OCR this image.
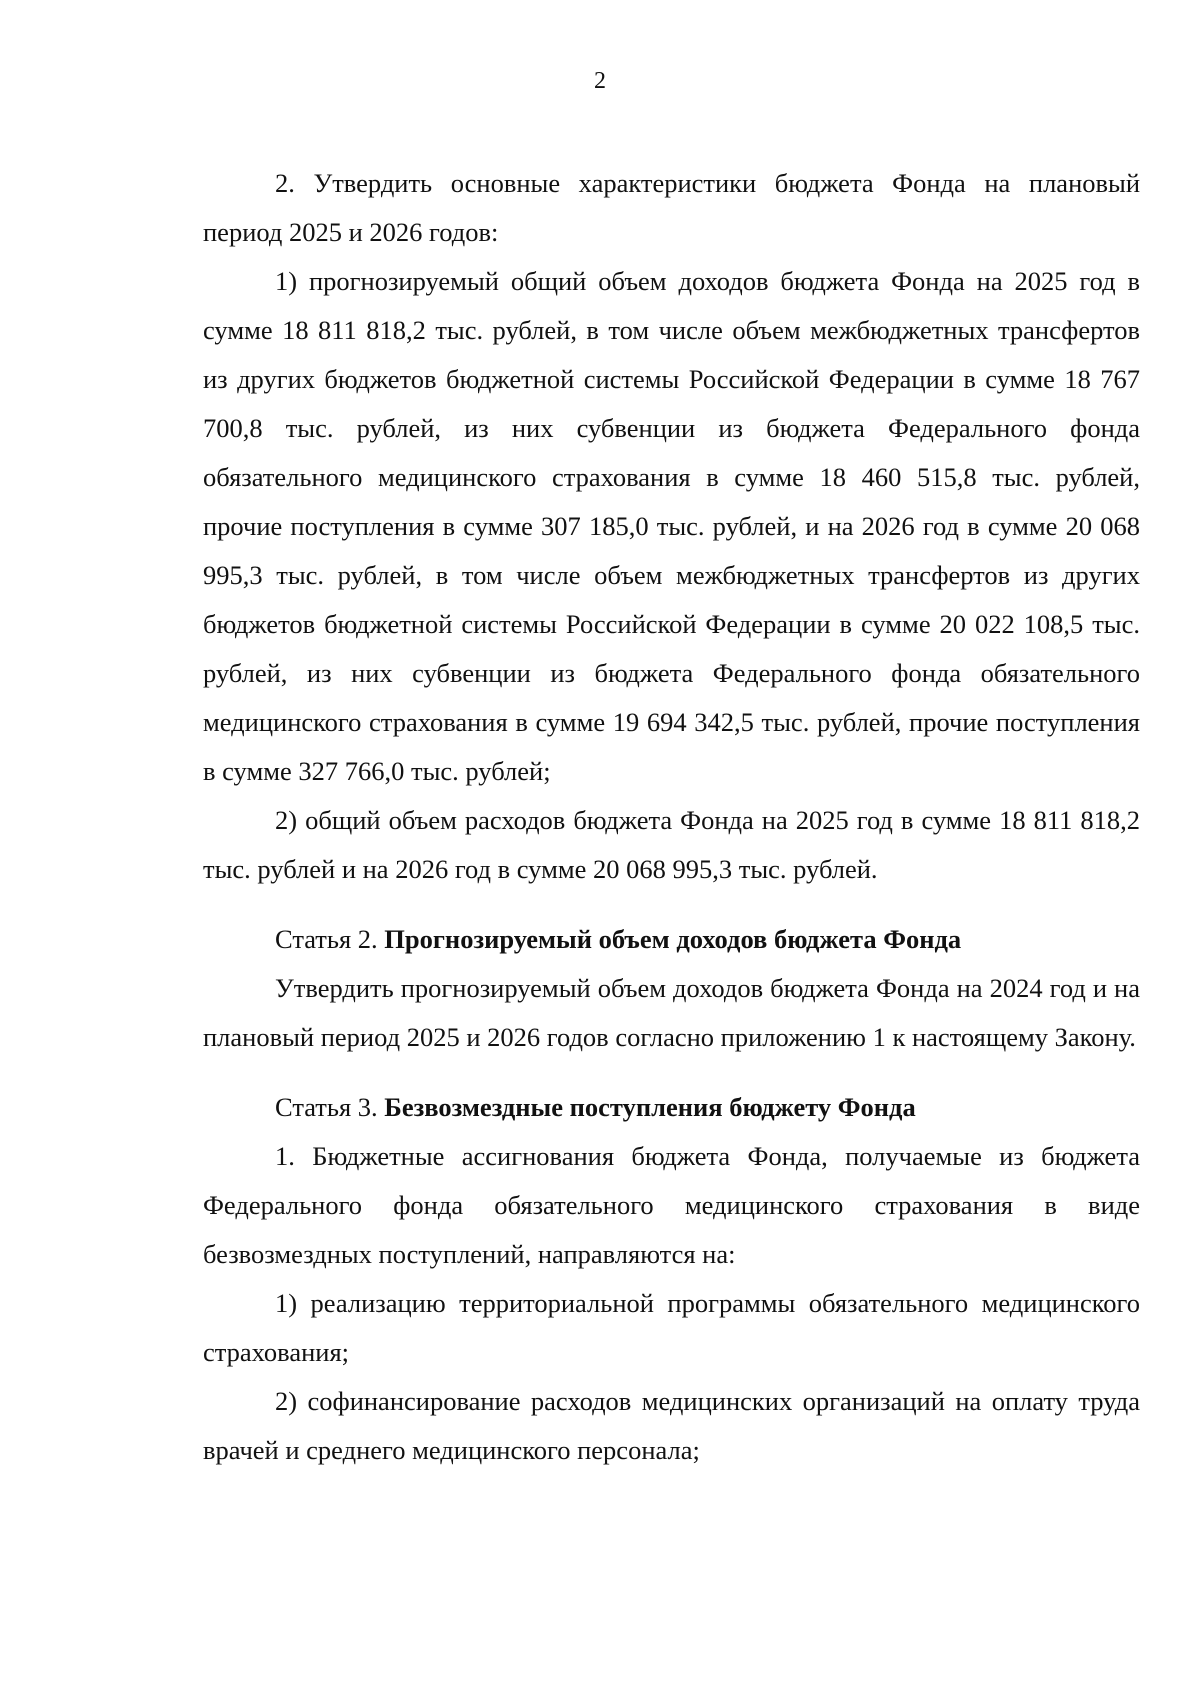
2

2. Утвердить основные характеристики бюджета Фонда на плановый период 2025 и 2026 годов:

1) прогнозируемый общий объем доходов бюджета Фонда на 2025 год в сумме 18 811 818,2 тыс. рублей, в том числе объем межбюджетных трансфертов из других бюджетов бюджетной системы Российской Федерации в сумме 18 767 700,8 тыс. рублей, из них субвенции из бюджета Федерального фонда обязательного медицинского страхования в сумме 18 460 515,8 тыс. рублей, прочие поступления в сумме 307 185,0 тыс. рублей, и на 2026 год в сумме 20 068 995,3 тыс. рублей, в том числе объем межбюджетных трансфертов из других бюджетов бюджетной системы Российской Федерации в сумме 20 022 108,5 тыс. рублей, из них субвенции из бюджета Федерального фонда обязательного медицинского страхования в сумме 19 694 342,5 тыс. рублей, прочие поступления в сумме 327 766,0 тыс. рублей;

2) общий объем расходов бюджета Фонда на 2025 год в сумме 18 811 818,2 тыс. рублей и на 2026 год в сумме 20 068 995,3 тыс. рублей.

Статья 2. Прогнозируемый объем доходов бюджета Фонда

Утвердить прогнозируемый объем доходов бюджета Фонда на 2024 год и на плановый период 2025 и 2026 годов согласно приложению 1 к настоящему Закону.

Статья 3. Безвозмездные поступления бюджету Фонда

1. Бюджетные ассигнования бюджета Фонда, получаемые из бюджета Федерального фонда обязательного медицинского страхования в виде безвозмездных поступлений, направляются на:

1) реализацию территориальной программы обязательного медицинского страхования;

2) софинансирование расходов медицинских организаций на оплату труда врачей и среднего медицинского персонала;
